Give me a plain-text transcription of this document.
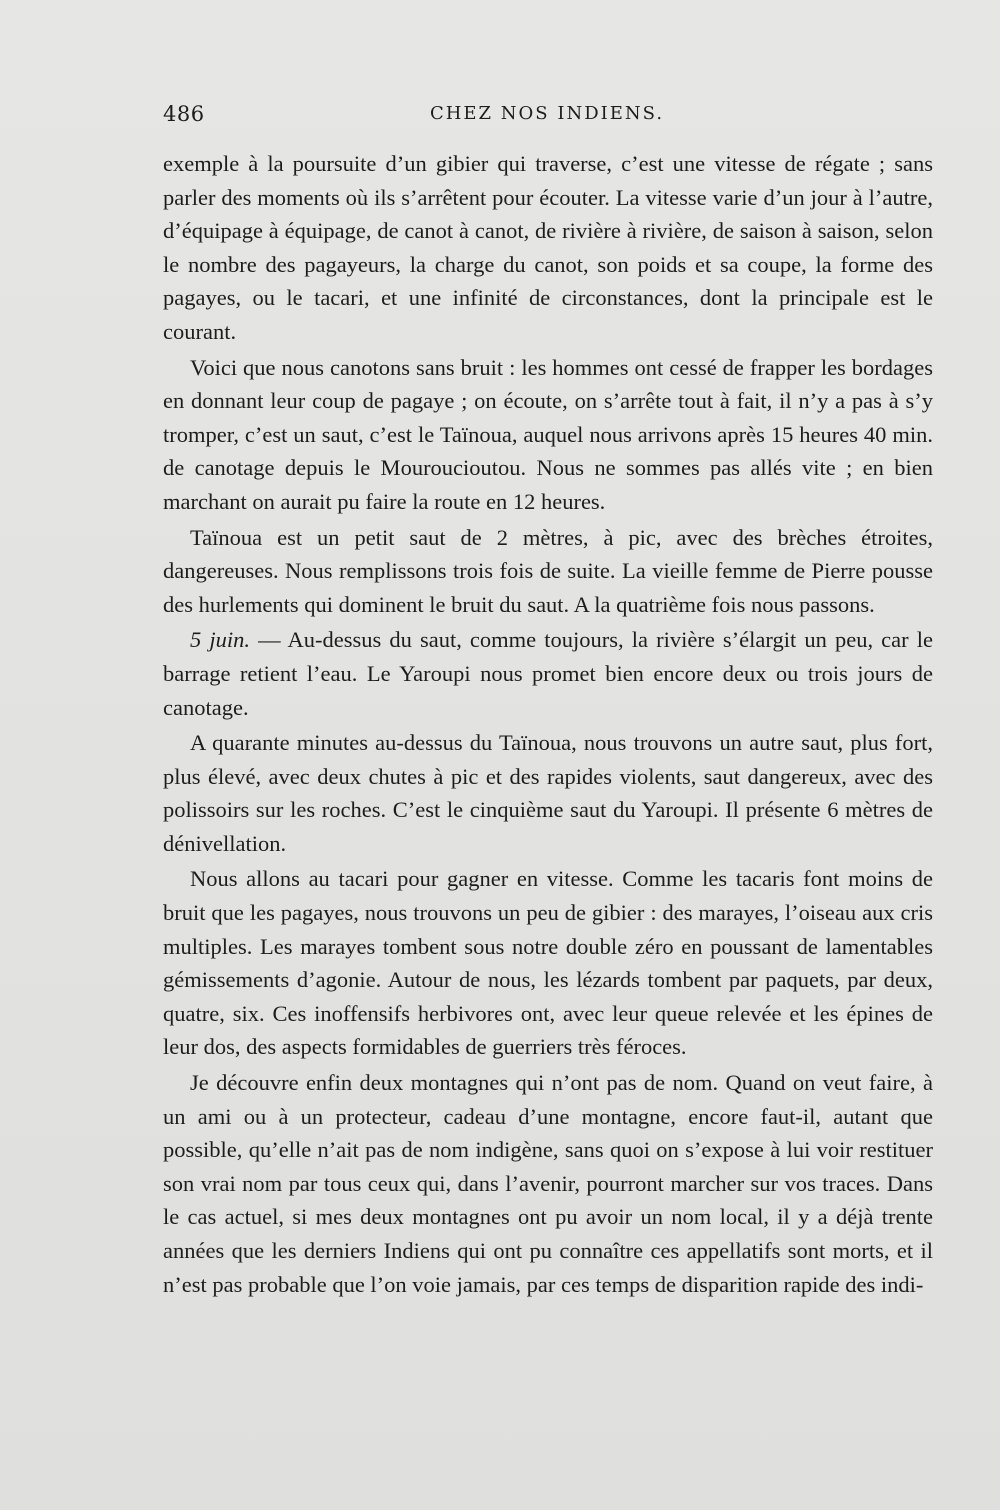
486	CHEZ NOS INDIENS.

exemple à la poursuite d’un gibier qui traverse, c’est une vitesse de régate ; sans parler des moments où ils s’arrêtent pour écouter. La vitesse varie d’un jour à l’autre, d’équipage à équipage, de canot à canot, de rivière à rivière, de saison à saison, selon le nombre des pagayeurs, la charge du canot, son poids et sa coupe, la forme des pagayes, ou le tacari, et une infinité de circonstances, dont la principale est le courant.

Voici que nous canotons sans bruit : les hommes ont cessé de frapper les bordages en donnant leur coup de pagaye ; on écoute, on s’arrête tout à fait, il n’y a pas à s’y tromper, c’est un saut, c’est le Taïnoua, auquel nous arrivons après 15 heures 40 min. de canotage depuis le Mouroucioutou. Nous ne sommes pas allés vite ; en bien marchant on aurait pu faire la route en 12 heures.

Taïnoua est un petit saut de 2 mètres, à pic, avec des brèches étroites, dangereuses. Nous remplissons trois fois de suite. La vieille femme de Pierre pousse des hurlements qui dominent le bruit du saut. A la quatrième fois nous passons.

5 juin. — Au-dessus du saut, comme toujours, la rivière s’élargit un peu, car le barrage retient l’eau. Le Yaroupi nous promet bien encore deux ou trois jours de canotage.

A quarante minutes au-dessus du Taïnoua, nous trouvons un autre saut, plus fort, plus élevé, avec deux chutes à pic et des rapides violents, saut dangereux, avec des polissoirs sur les roches. C’est le cinquième saut du Yaroupi. Il présente 6 mètres de dénivellation.

Nous allons au tacari pour gagner en vitesse. Comme les tacaris font moins de bruit que les pagayes, nous trouvons un peu de gibier : des marayes, l’oiseau aux cris multiples. Les marayes tombent sous notre double zéro en poussant de lamentables gémissements d’agonie. Autour de nous, les lézards tombent par paquets, par deux, quatre, six. Ces inoffensifs herbivores ont, avec leur queue relevée et les épines de leur dos, des aspects formidables de guerriers très féroces.

Je découvre enfin deux montagnes qui n’ont pas de nom. Quand on veut faire, à un ami ou à un protecteur, cadeau d’une montagne, encore faut-il, autant que possible, qu’elle n’ait pas de nom indigène, sans quoi on s’expose à lui voir restituer son vrai nom par tous ceux qui, dans l’avenir, pourront marcher sur vos traces. Dans le cas actuel, si mes deux montagnes ont pu avoir un nom local, il y a déjà trente années que les derniers Indiens qui ont pu connaître ces appellatifs sont morts, et il n’est pas probable que l’on voie jamais, par ces temps de disparition rapide des indi-
